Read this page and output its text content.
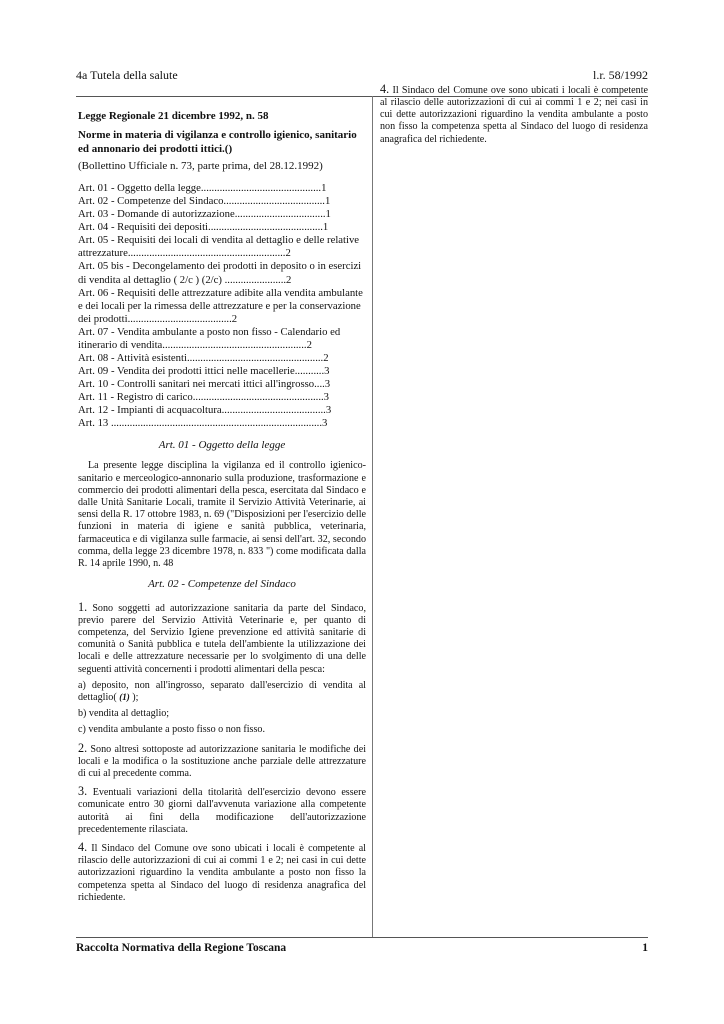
4a Tutela della salute	l.r. 58/1992

Legge Regionale 21 dicembre 1992, n. 58

Norme in materia di vigilanza e controllo igienico, sanitario ed annonario dei prodotti ittici.()

(Bollettino Ufficiale n. 73, parte prima, del 28.12.1992)

Art. 01 - Oggetto della legge.............................................1
Art. 02 - Competenze del Sindaco......................................1
Art. 03 - Domande di autorizzazione..................................1
Art. 04 - Requisiti dei depositi...........................................1
Art. 05 - Requisiti dei locali di vendita al dettaglio e delle relative attrezzature...........................................................2
Art. 05 bis - Decongelamento dei prodotti in deposito o in esercizi di vendita al dettaglio ( 2/c ) (2/c) .......................2
Art. 06 - Requisiti delle attrezzature adibite alla vendita ambulante e dei locali per la rimessa delle attrezzature e per la conservazione dei prodotti.......................................2
Art. 07 - Vendita ambulante a posto non fisso - Calendario ed itinerario di vendita......................................................2
Art. 08 - Attività esistenti...................................................2
Art. 09 - Vendita dei prodotti ittici nelle macellerie...........3
Art. 10 - Controlli sanitari nei mercati ittici all'ingrosso....3
Art. 11 - Registro di carico.................................................3
Art. 12 - Impianti di acquacoltura.......................................3
Art. 13 ...............................................................................3

Art. 01 - Oggetto della legge

La presente legge disciplina la vigilanza ed il controllo igienico-sanitario e merceologico-annonario sulla produzione, trasformazione e commercio dei prodotti alimentari della pesca, esercitata dal Sindaco e dalle Unità Sanitarie Locali, tramite il Servizio Attività Veterinarie, ai sensi della R. 17 ottobre 1983, n. 69 ("Disposizioni per l'esercizio delle funzioni in materia di igiene e sanità pubblica, veterinaria, farmaceutica e di vigilanza sulle farmacie, ai sensi dell'art. 32, secondo comma, della legge 23 dicembre 1978, n. 833 ") come modificata dalla R. 14 aprile 1990, n. 48

Art. 02 - Competenze del Sindaco

1. Sono soggetti ad autorizzazione sanitaria da parte del Sindaco, previo parere del Servizio Attività Veterinarie e, per quanto di competenza, del Servizio Igiene prevenzione ed attività sanitarie di comunità o Sanità pubblica e tutela dell'ambiente la utilizzazione dei locali e delle attrezzature necessarie per lo svolgimento di una delle seguenti attività concernenti i prodotti alimentari della pesca:

a) deposito, non all'ingrosso, separato dall'esercizio di vendita al dettaglio( (1) );

b) vendita al dettaglio;

c) vendita ambulante a posto fisso o non fisso.

2. Sono altresì sottoposte ad autorizzazione sanitaria le modifiche dei locali e la modifica o la sostituzione anche parziale delle attrezzature di cui al precedente comma.

3. Eventuali variazioni della titolarità dell'esercizio devono essere comunicate entro 30 giorni dall'avvenuta variazione alla competente autorità ai fini della modificazione dell'autorizzazione precedentemente rilasciata.

4. Il Sindaco del Comune ove sono ubicati i locali è competente al rilascio delle autorizzazioni di cui ai commi 1 e 2; nei casi in cui dette autorizzazioni riguardino la vendita ambulante a posto non fisso la competenza spetta al Sindaco del luogo di residenza anagrafica del richiedente.

4. Il Sindaco del Comune ove sono ubicati i locali è competente al rilascio delle autorizzazioni di cui ai commi 1 e 2; nei casi in cui dette autorizzazioni riguardino la vendita ambulante a posto non fisso la competenza spetta al Sindaco del luogo di residenza anagrafica del richiedente.

Raccolta Normativa della Regione Toscana	1
